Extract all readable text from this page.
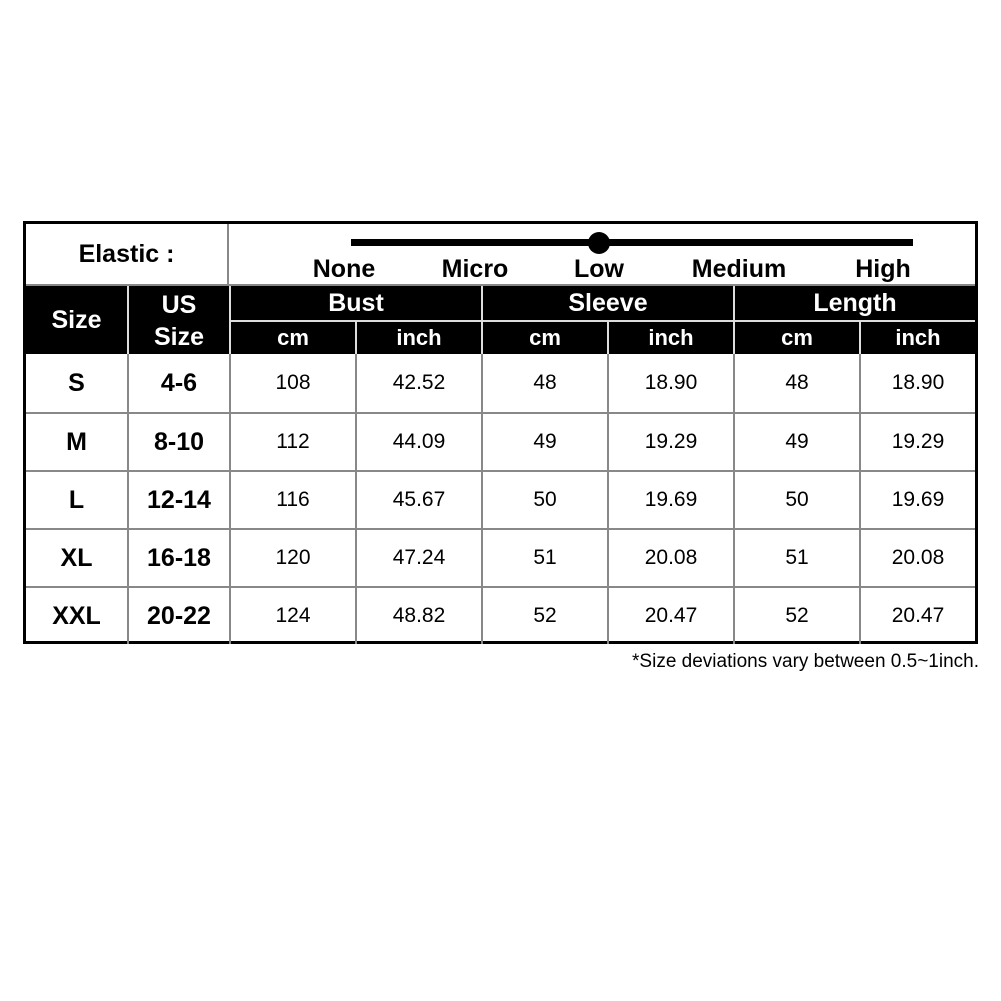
Elastic :
None	Micro	Low	Medium	High
Size
US
Size
Bust	Sleeve	Length
cm	inch	cm	inch	cm	inch
S	4-6	108	42.52	48	18.90	48	18.90
M	8-10	112	44.09	49	19.29	49	19.29
L	12-14	116	45.67	50	19.69	50	19.69
XL	16-18	120	47.24	51	20.08	51	20.08
XXL	20-22	124	48.82	52	20.47	52	20.47
*Size deviations vary between 0.5~1inch.
